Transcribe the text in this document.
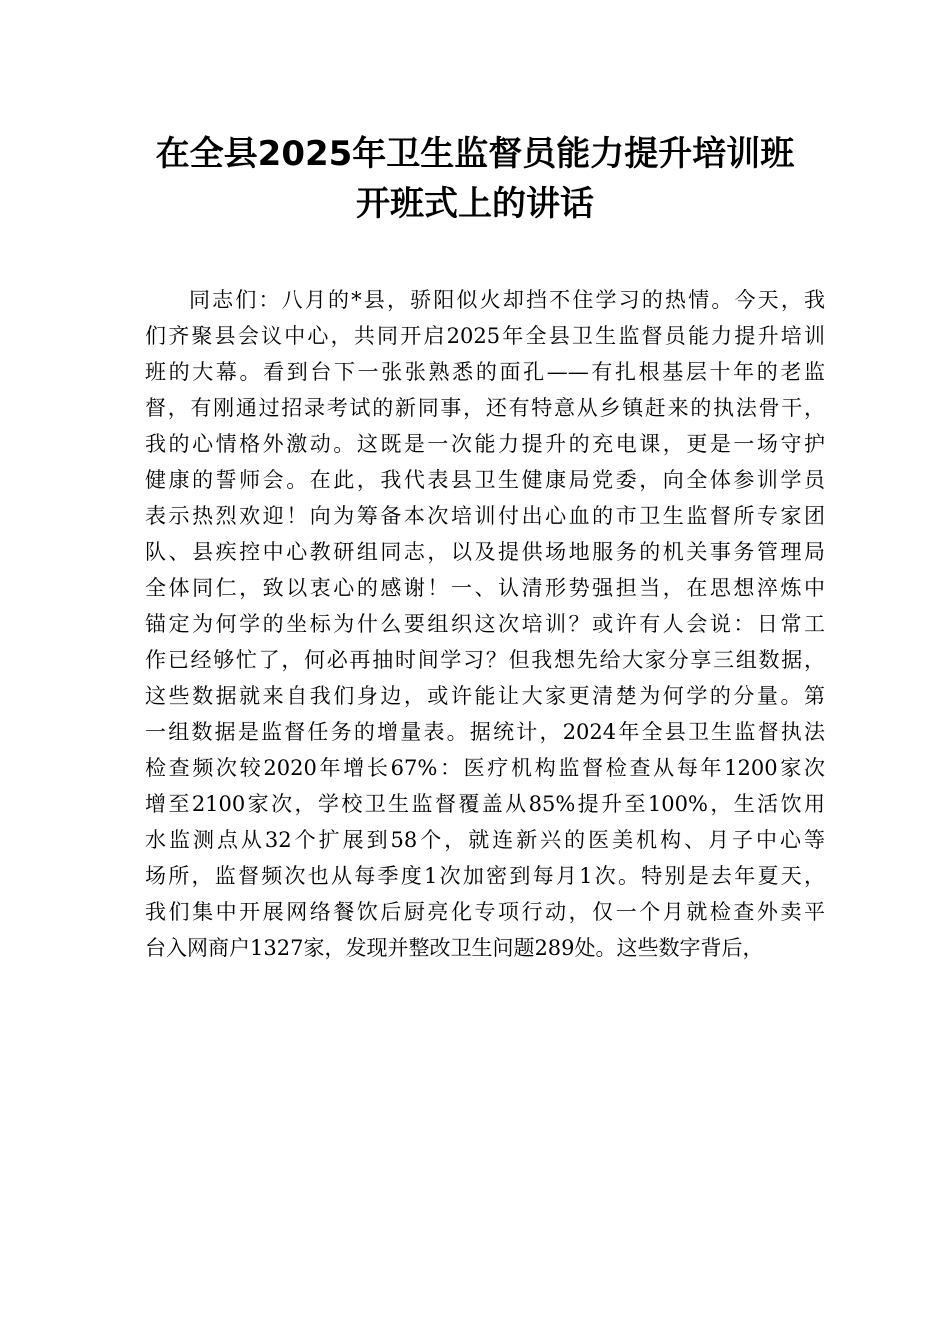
在全县2025年卫生监督员能力提升培训班
开班式上的讲话
同志们：八月的*县，骄阳似火却挡不住学习的热情。今天，我
们齐聚县会议中心，共同开启2025年全县卫生监督员能力提升培训
班的大幕。看到台下一张张熟悉的面孔——有扎根基层十年的老监
督，有刚通过招录考试的新同事，还有特意从乡镇赶来的执法骨干，
我的心情格外激动。这既是一次能力提升的充电课，更是一场守护
健康的誓师会。在此，我代表县卫生健康局党委，向全体参训学员
表示热烈欢迎！向为筹备本次培训付出心血的市卫生监督所专家团
队、县疾控中心教研组同志，以及提供场地服务的机关事务管理局
全体同仁，致以衷心的感谢！一、认清形势强担当，在思想淬炼中
锚定为何学的坐标为什么要组织这次培训？或许有人会说：日常工
作已经够忙了，何必再抽时间学习？但我想先给大家分享三组数据，
这些数据就来自我们身边，或许能让大家更清楚为何学的分量。第
一组数据是监督任务的增量表。据统计，2024年全县卫生监督执法
检查频次较2020年增长67%：医疗机构监督检查从每年1200家次
增至2100家次，学校卫生监督覆盖从85%提升至100%，生活饮用
水监测点从32个扩展到58个，就连新兴的医美机构、月子中心等
场所，监督频次也从每季度1次加密到每月1次。特别是去年夏天，
我们集中开展网络餐饮后厨亮化专项行动，仅一个月就检查外卖平
台入网商户1327家，发现并整改卫生问题289处。这些数字背后，
